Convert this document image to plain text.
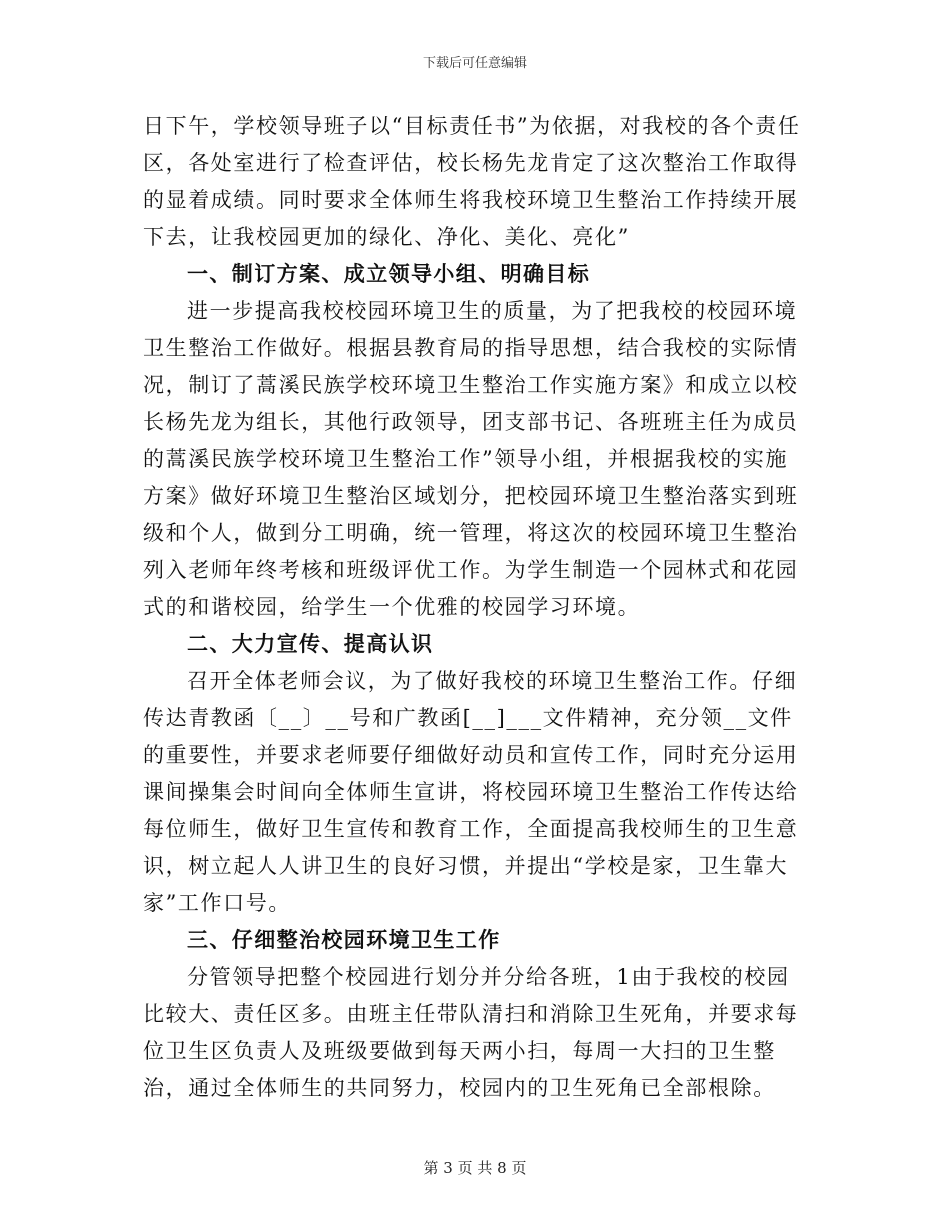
下载后可任意编辑

日下午，学校领导班子以“目标责任书”为依据，对我校的各个责任区，各处室进行了检查评估，校长杨先龙肯定了这次整治工作取得的显着成绩。同时要求全体师生将我校环境卫生整治工作持续开展下去，让我校园更加的绿化、净化、美化、亮化”

一、制订方案、成立领导小组、明确目标

进一步提高我校校园环境卫生的质量，为了把我校的校园环境卫生整治工作做好。根据县教育局的指导思想，结合我校的实际情况，制订了蒿溪民族学校环境卫生整治工作实施方案》和成立以校长杨先龙为组长，其他行政领导，团支部书记、各班班主任为成员的蒿溪民族学校环境卫生整治工作”领导小组，并根据我校的实施方案》做好环境卫生整治区域划分，把校园环境卫生整治落实到班级和个人，做到分工明确，统一管理，将这次的校园环境卫生整治列入老师年终考核和班级评优工作。为学生制造一个园林式和花园式的和谐校园，给学生一个优雅的校园学习环境。

二、大力宣传、提高认识

召开全体老师会议，为了做好我校的环境卫生整治工作。仔细传达青教函〔__〕__号和广教函[__]___文件精神，充分领__文件的重要性，并要求老师要仔细做好动员和宣传工作，同时充分运用课间操集会时间向全体师生宣讲，将校园环境卫生整治工作传达给每位师生，做好卫生宣传和教育工作，全面提高我校师生的卫生意识，树立起人人讲卫生的良好习惯，并提出“学校是家，卫生靠大家”工作口号。

三、仔细整治校园环境卫生工作

分管领导把整个校园进行划分并分给各班，1由于我校的校园比较大、责任区多。由班主任带队清扫和消除卫生死角，并要求每位卫生区负责人及班级要做到每天两小扫，每周一大扫的卫生整治，通过全体师生的共同努力，校园内的卫生死角已全部根除。

第 3 页 共 8 页
